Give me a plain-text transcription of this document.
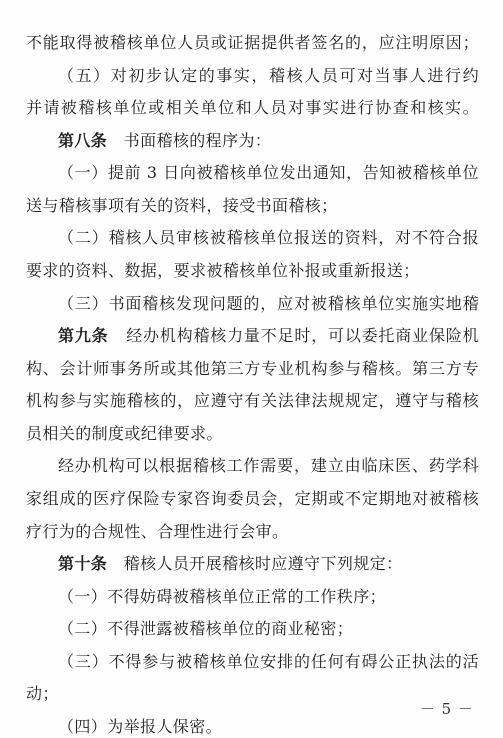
不能取得被稽核单位人员或证据提供者签名的，应注明原因；
（五）对初步认定的事实，稽核人员可对当事人进行约
并请被稽核单位或相关单位和人员对事实进行协查和核实。
第八条 书面稽核的程序为：
（一）提前 3 日向被稽核单位发出通知，告知被稽核单位
送与稽核事项有关的资料，接受书面稽核；
（二）稽核人员审核被稽核单位报送的资料，对不符合报
要求的资料、数据，要求被稽核单位补报或重新报送；
（三）书面稽核发现问题的，应对被稽核单位实施实地稽
第九条 经办机构稽核力量不足时，可以委托商业保险机
构、会计师事务所或其他第三方专业机构参与稽核。第三方专
机构参与实施稽核的，应遵守有关法律法规规定，遵守与稽核
员相关的制度或纪律要求。
经办机构可以根据稽核工作需要，建立由临床医、药学科
家组成的医疗保险专家咨询委员会，定期或不定期地对被稽核
疗行为的合规性、合理性进行会审。
第十条 稽核人员开展稽核时应遵守下列规定：
（一）不得妨碍被稽核单位正常的工作秩序；
（二）不得泄露被稽核单位的商业秘密；
（三）不得参与被稽核单位安排的任何有碍公正执法的活
动；
（四）为举报人保密。
－ 5 －
